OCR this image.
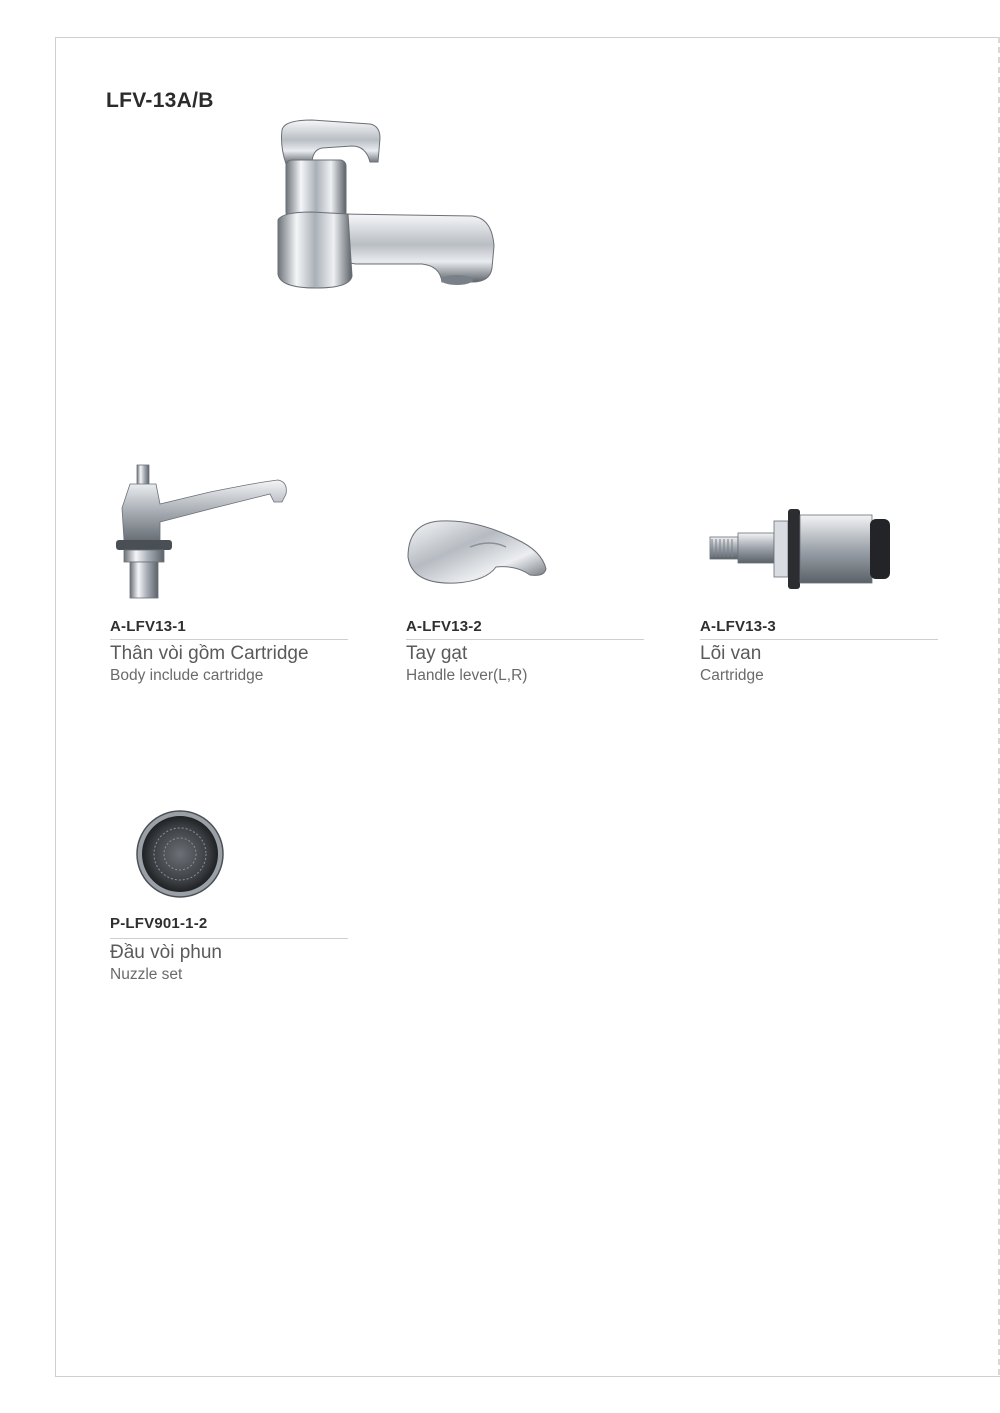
LFV-13A/B
A-LFV13-1
Thân vòi gồm Cartridge
Body include cartridge
A-LFV13-2
Tay gạt
Handle lever(L,R)
A-LFV13-3
Lõi van
Cartridge
P-LFV901-1-2
Đầu vòi phun
Nuzzle set
